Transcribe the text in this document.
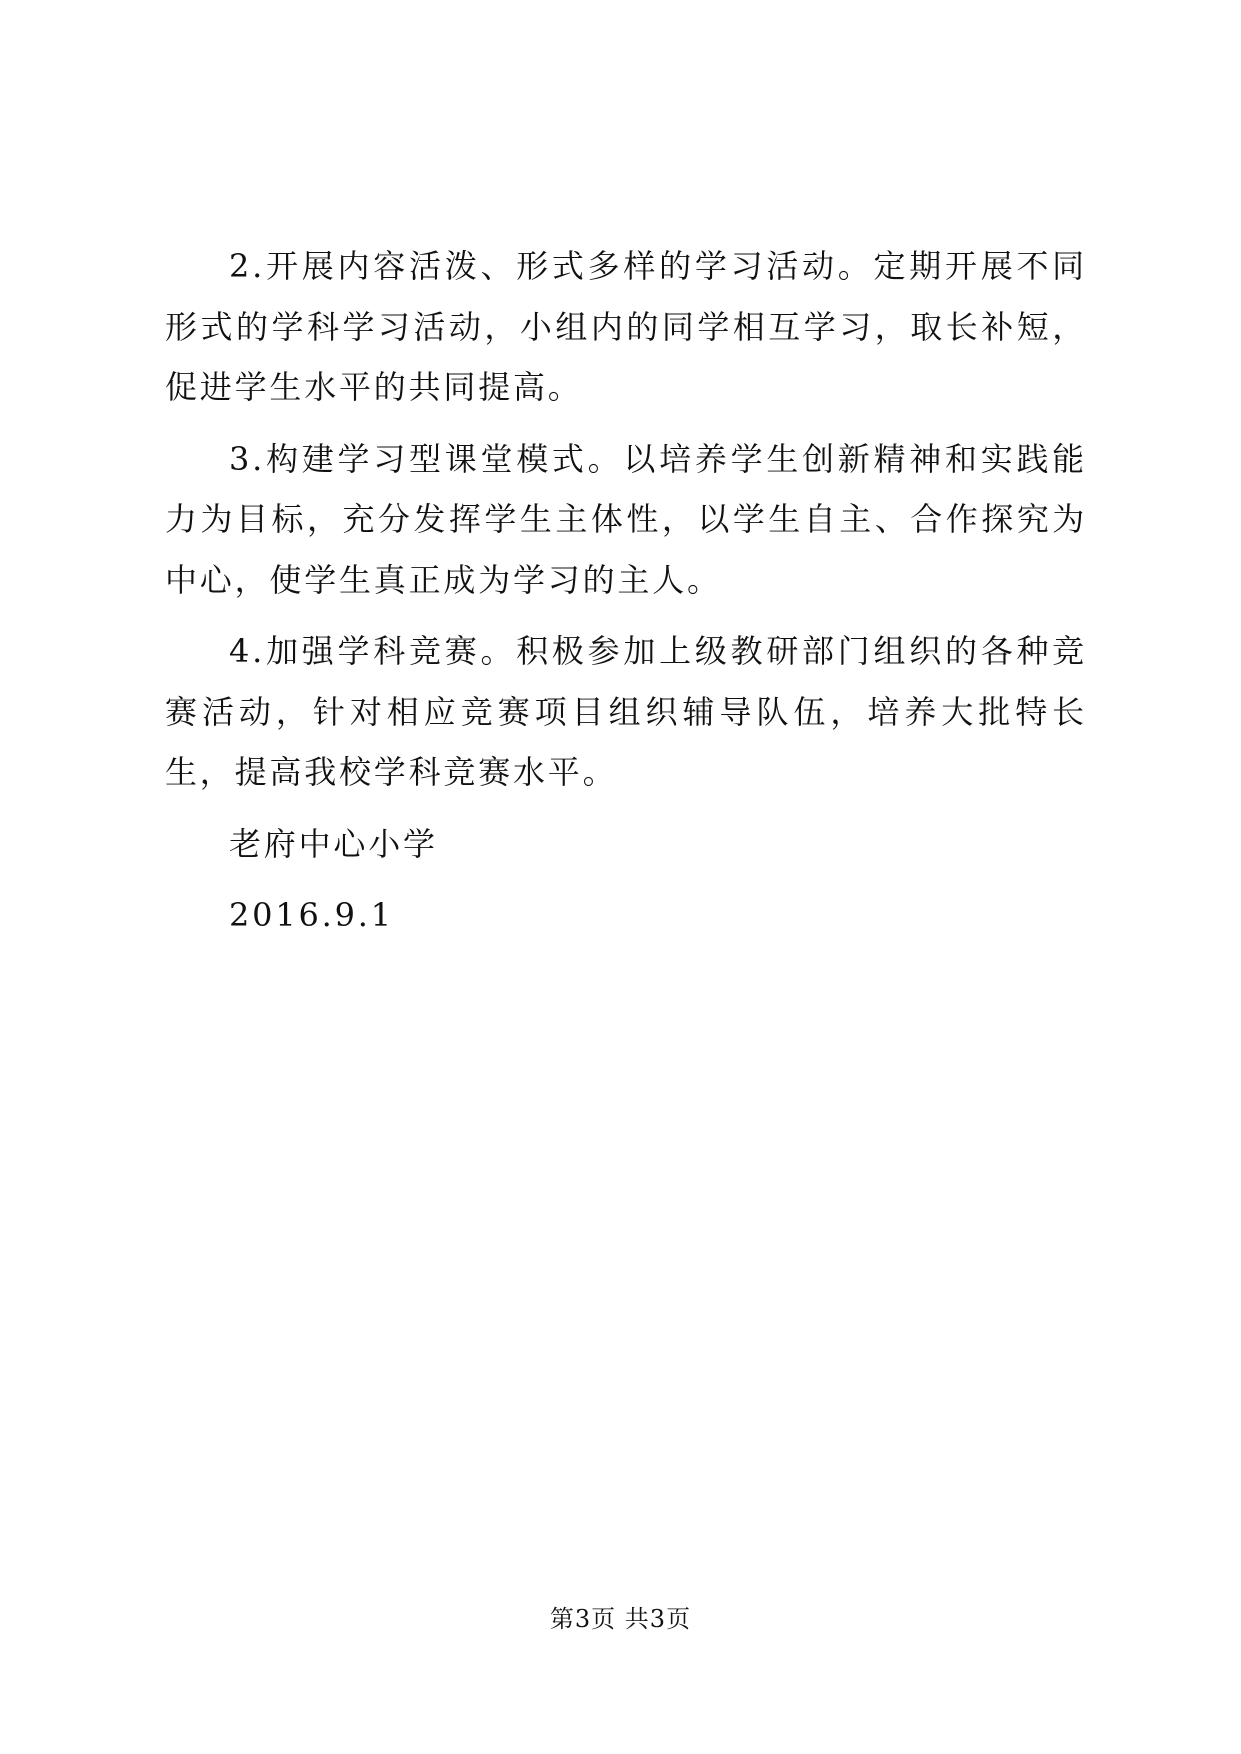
2.开展内容活泼、形式多样的学习活动。定期开展不同形式的学科学习活动，小组内的同学相互学习，取长补短，促进学生水平的共同提高。

3.构建学习型课堂模式。以培养学生创新精神和实践能力为目标，充分发挥学生主体性，以学生自主、合作探究为中心，使学生真正成为学习的主人。

4.加强学科竞赛。积极参加上级教研部门组织的各种竞赛活动，针对相应竞赛项目组织辅导队伍，培养大批特长生，提高我校学科竞赛水平。

老府中心小学

2016.9.1

第3页 共3页
